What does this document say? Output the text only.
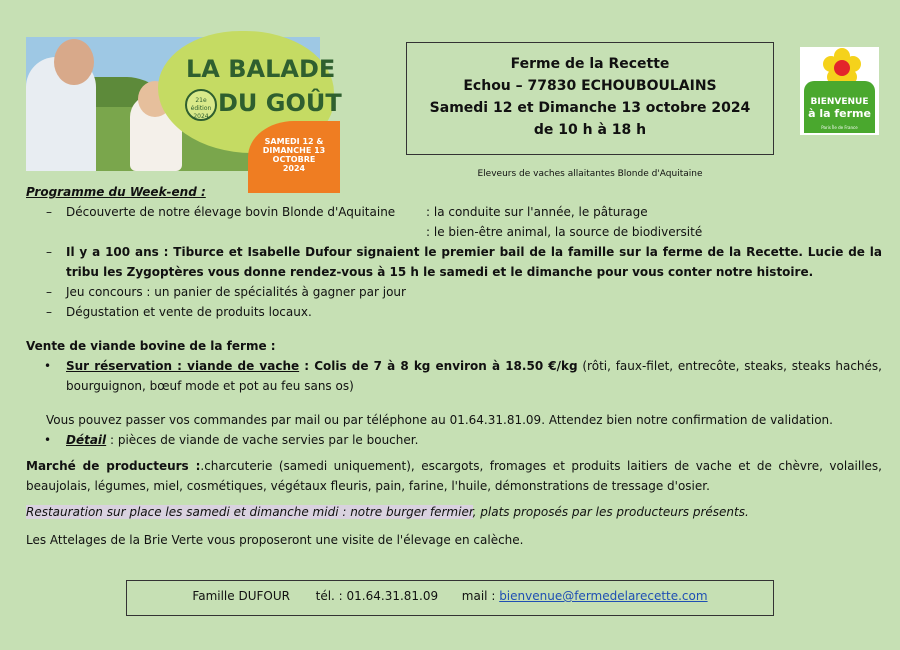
LA BALADE
21e édition 2024 DU GOÛT
SAMEDI 12 & DIMANCHE 13 OCTOBRE 2024
Ferme de la Recette
Echou – 77830 ECHOUBOULAINS
Samedi 12 et Dimanche 13 octobre 2024
de 10 h à 18 h
BIENVENUE
à la ferme
Paris Île de France
Eleveurs de vaches allaitantes Blonde d'Aquitaine
Programme du Week-end :
– Découverte de notre élevage bovin Blonde d'Aquitaine	: la conduite sur l'année, le pâturage
: le bien-être animal, la source de biodiversité
– Il y a 100 ans : Tiburce et Isabelle Dufour signaient le premier bail de la famille sur la ferme de la Recette. Lucie de la tribu les Zygoptères vous donne rendez-vous à 15 h le samedi et le dimanche pour vous conter notre histoire.
– Jeu concours : un panier de spécialités à gagner par jour
– Dégustation et vente de produits locaux.
Vente de viande bovine de la ferme :
• Sur réservation : viande de vache : Colis de 7 à 8 kg environ à 18.50 €/kg (rôti, faux-filet, entrecôte, steaks, steaks hachés, bourguignon, bœuf mode et pot au feu sans os)
Vous pouvez passer vos commandes par mail ou par téléphone au 01.64.31.81.09. Attendez bien notre confirmation de validation.
• Détail : pièces de viande de vache servies par le boucher.
Marché de producteurs :.charcuterie (samedi uniquement), escargots, fromages et produits laitiers de vache et de chèvre, volailles, beaujolais, légumes, miel, cosmétiques, végétaux fleuris, pain, farine, l'huile, démonstrations de tressage d'osier.
Restauration sur place les samedi et dimanche midi : notre burger fermier, plats proposés par les producteurs présents.
Les Attelages de la Brie Verte vous proposeront une visite de l'élevage en calèche.
Famille DUFOUR tél. : 01.64.31.81.09 mail : bienvenue@fermedelarecette.com
